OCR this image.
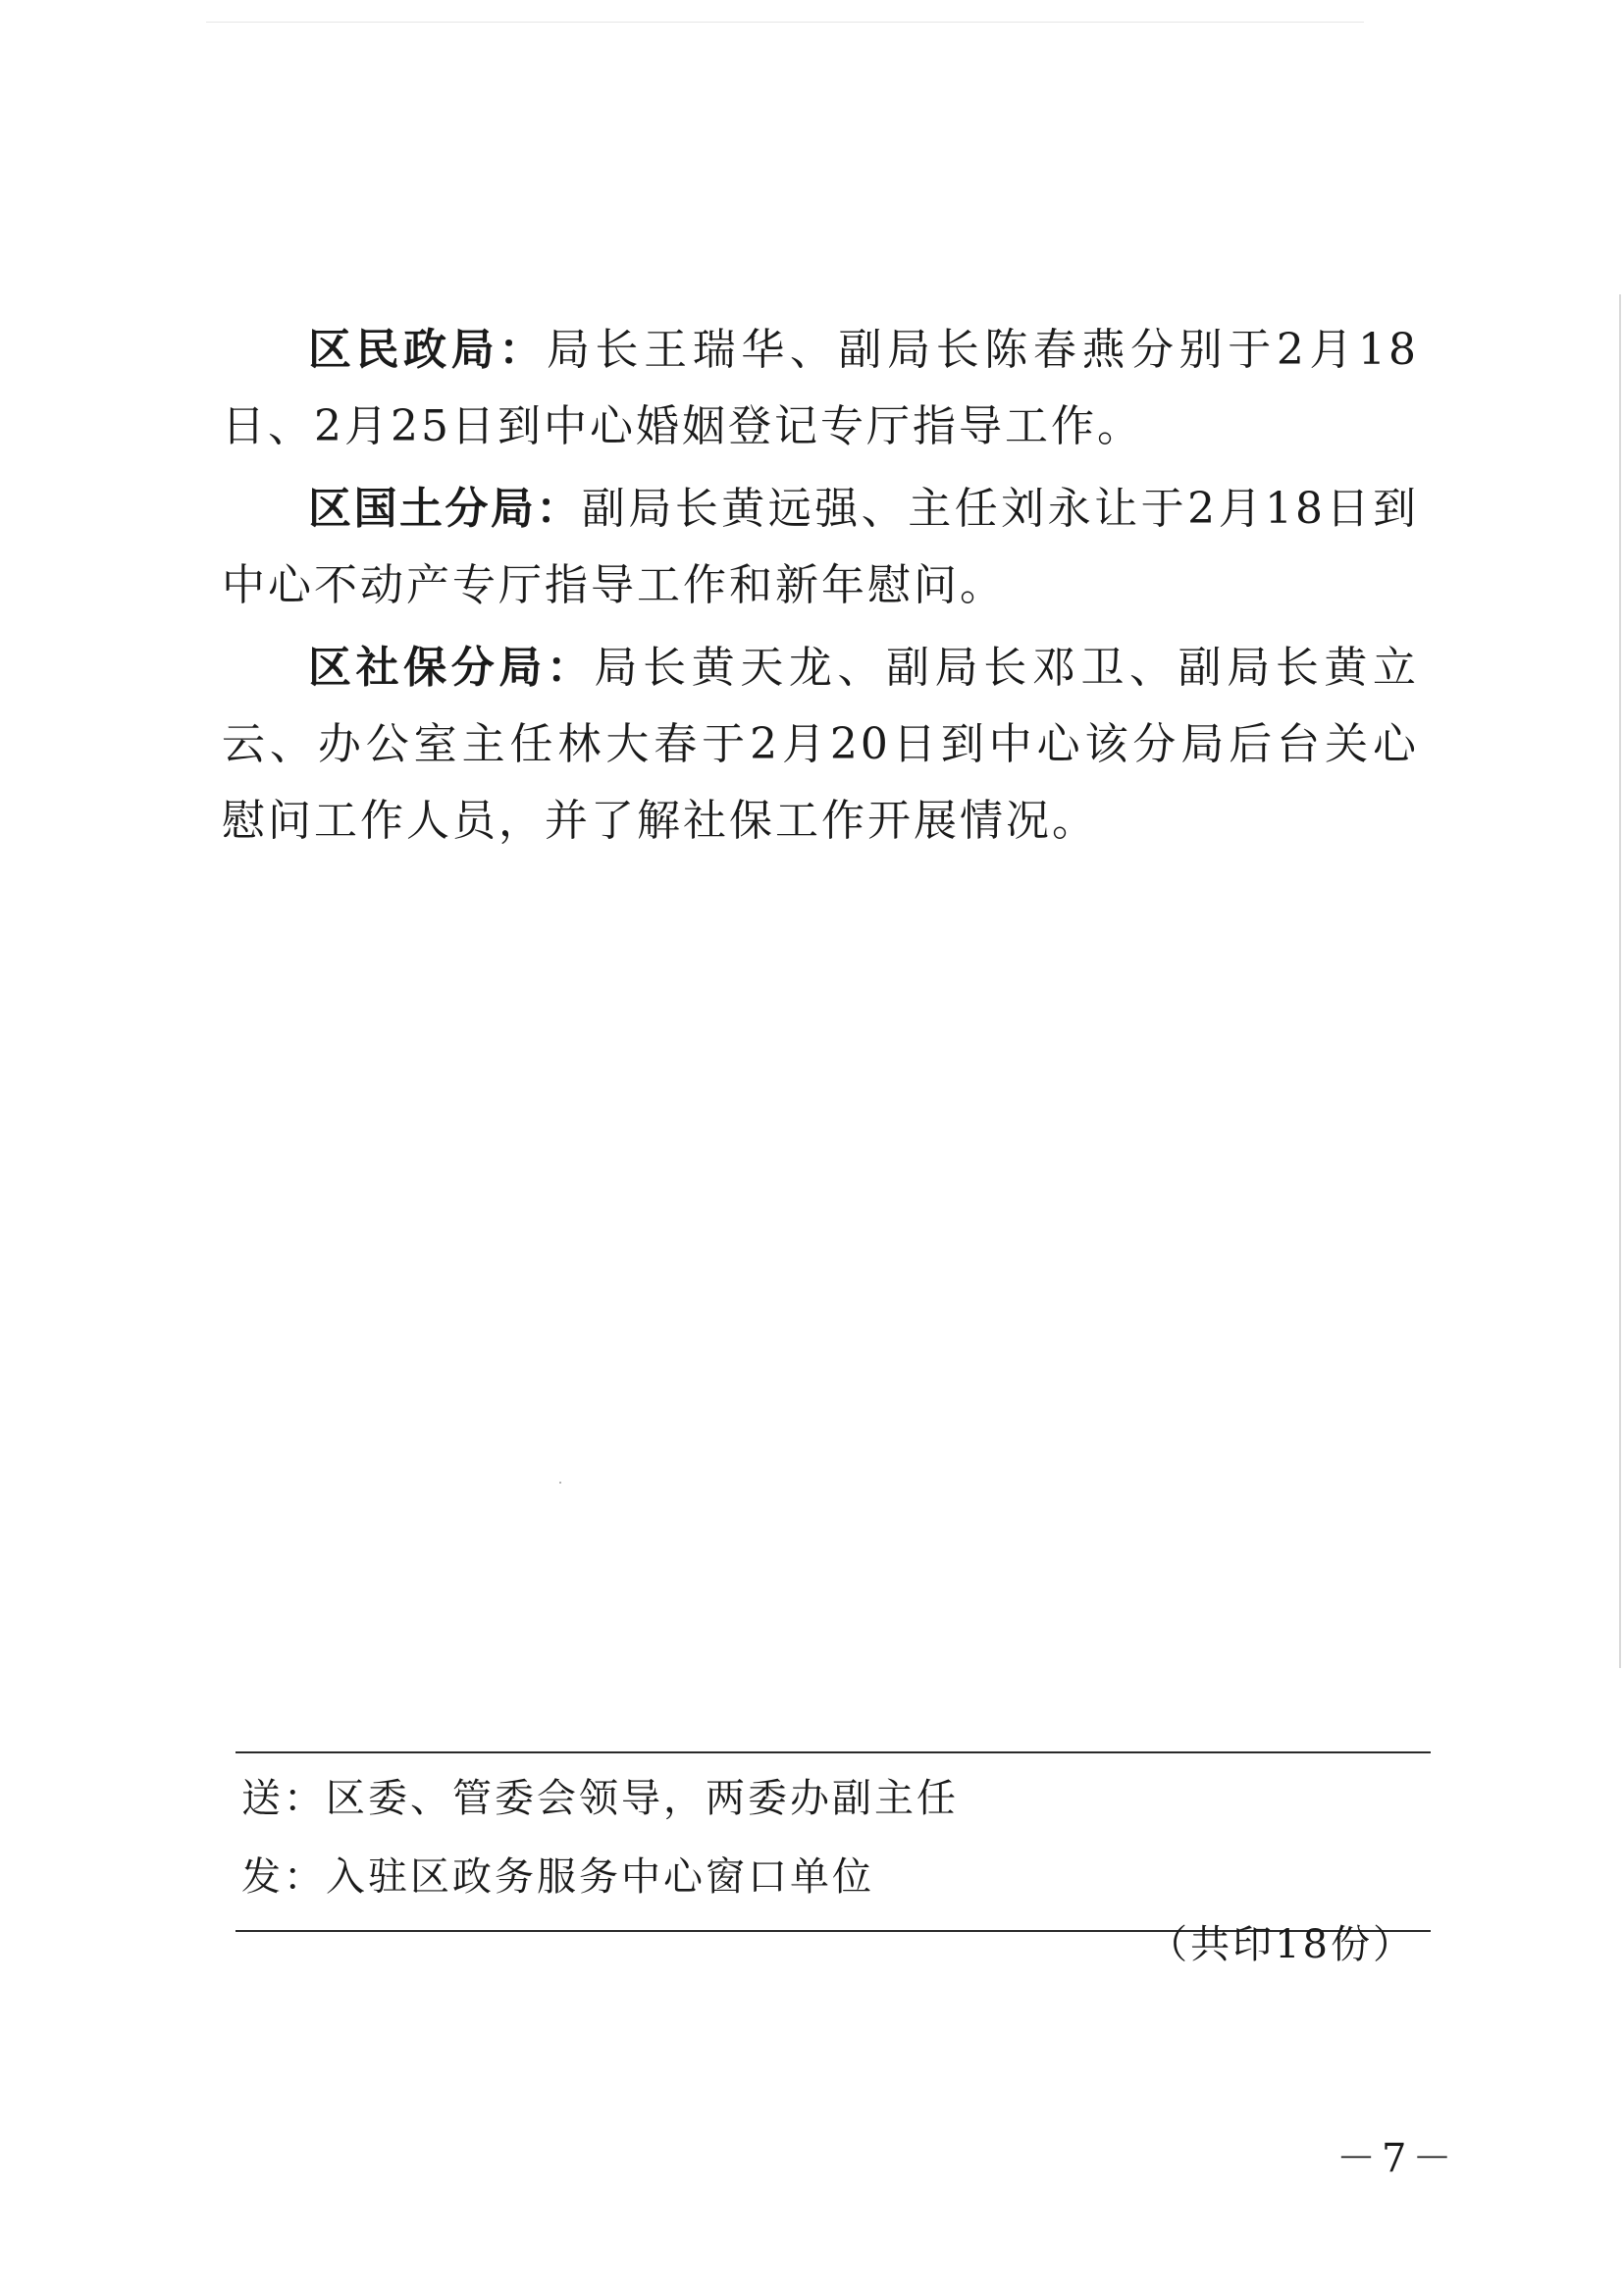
区民政局：局长王瑞华、副局长陈春燕分别于2月18日、2月25日到中心婚姻登记专厅指导工作。

区国土分局：副局长黄远强、主任刘永让于2月18日到中心不动产专厅指导工作和新年慰问。

区社保分局：局长黄天龙、副局长邓卫、副局长黄立云、办公室主任林大春于2月20日到中心该分局后台关心慰问工作人员，并了解社保工作开展情况。

送：区委、管委会领导，两委办副主任
发：入驻区政务服务中心窗口单位
（共印18份）
－7－
